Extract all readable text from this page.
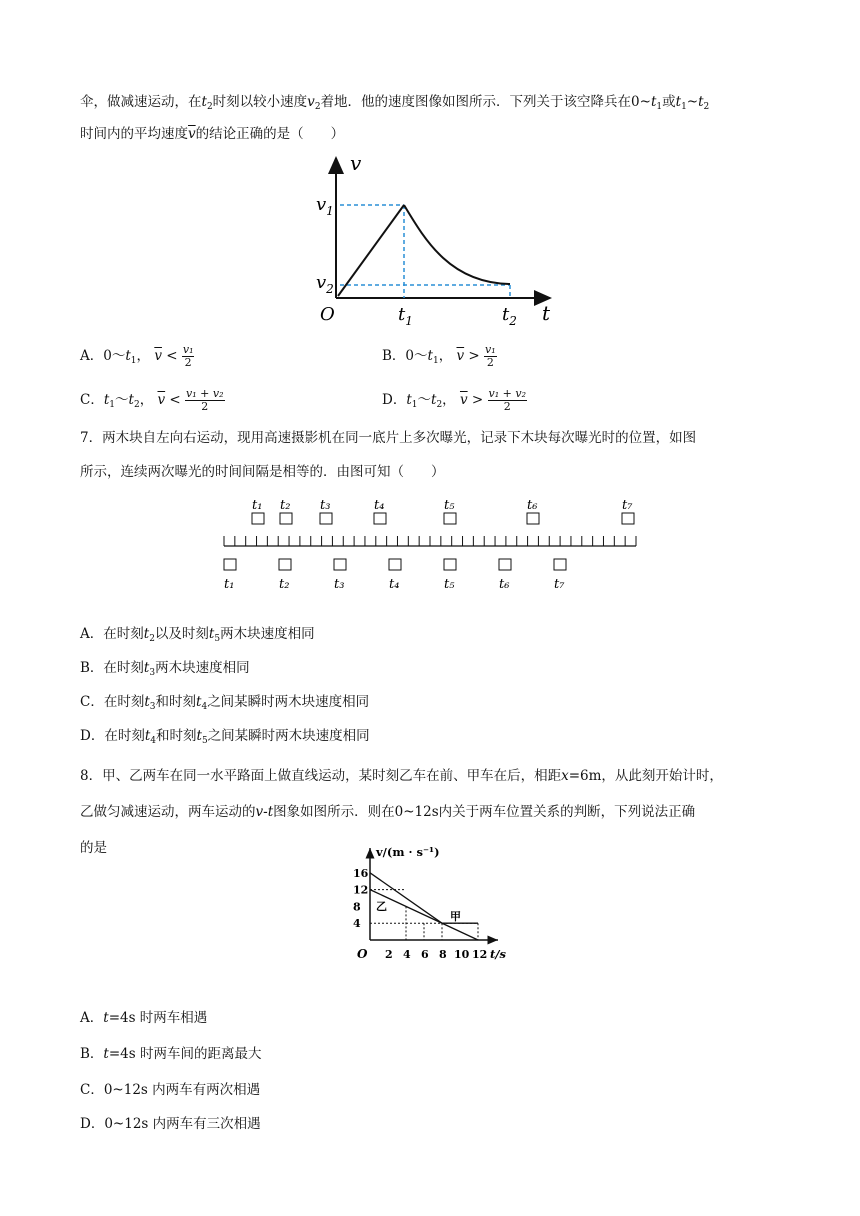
伞，做减速运动，在$t_2$时刻以较小速度$v_2$着地．他的速度图像如图所示．下列关于该空降兵在$0\sim t_1$或$t_1\sim t_2$
时间内的平均速度$\overline{v}$的结论正确的是（　　）
v
t
O
$v_1$
$v_2$
$t_1$	$t_2$
A．$0\sim t_1$， $\overline{v} < \frac{\text{v₁}}{2}$	B．$0\sim t_1$， $\overline{v} > \frac{\text{v₁}}{2}$
C．$t_1\sim t_2$， $\overline{v} < \frac{\text{v₁ + v₂}}{2}$	D．$t_1\sim t_2$， $\overline{v} > \frac{\text{v₁ + v₂}}{2}$
7．两木块自左向右运动，现用高速摄影机在同一底片上多次曝光，记录下木块每次曝光时的位置，如图
所示，连续两次曝光的时间间隔是相等的．由图可知（　　）
t₁ t₂ t₃	t₄	t₅	t₆	t₇
t₁	t₂	t₃	t₄	t₅	t₆	t₇
A．在时刻$t_2$以及时刻$t_5$两木块速度相同
B．在时刻$t_3$两木块速度相同
C．在时刻$t_3$和时刻$t_4$之间某瞬时两木块速度相同
D．在时刻$t_4$和时刻$t_5$之间某瞬时两木块速度相同
8．甲、乙两车在同一水平路面上做直线运动，某时刻乙车在前、甲车在后，相距x=6m，从此刻开始计时，
乙做匀减速运动，两车运动的v-t图象如图所示．则在0~12s内关于两车位置关系的判断，下列说法正确
的是	v/(m · s⁻¹)
t/s
O
16
12
8
4
2 4 6 8 10 12
乙
甲
A．t=4s 时两车相遇
B．t=4s 时两车间的距离最大
C．0~12s 内两车有两次相遇
D．0~12s 内两车有三次相遇
